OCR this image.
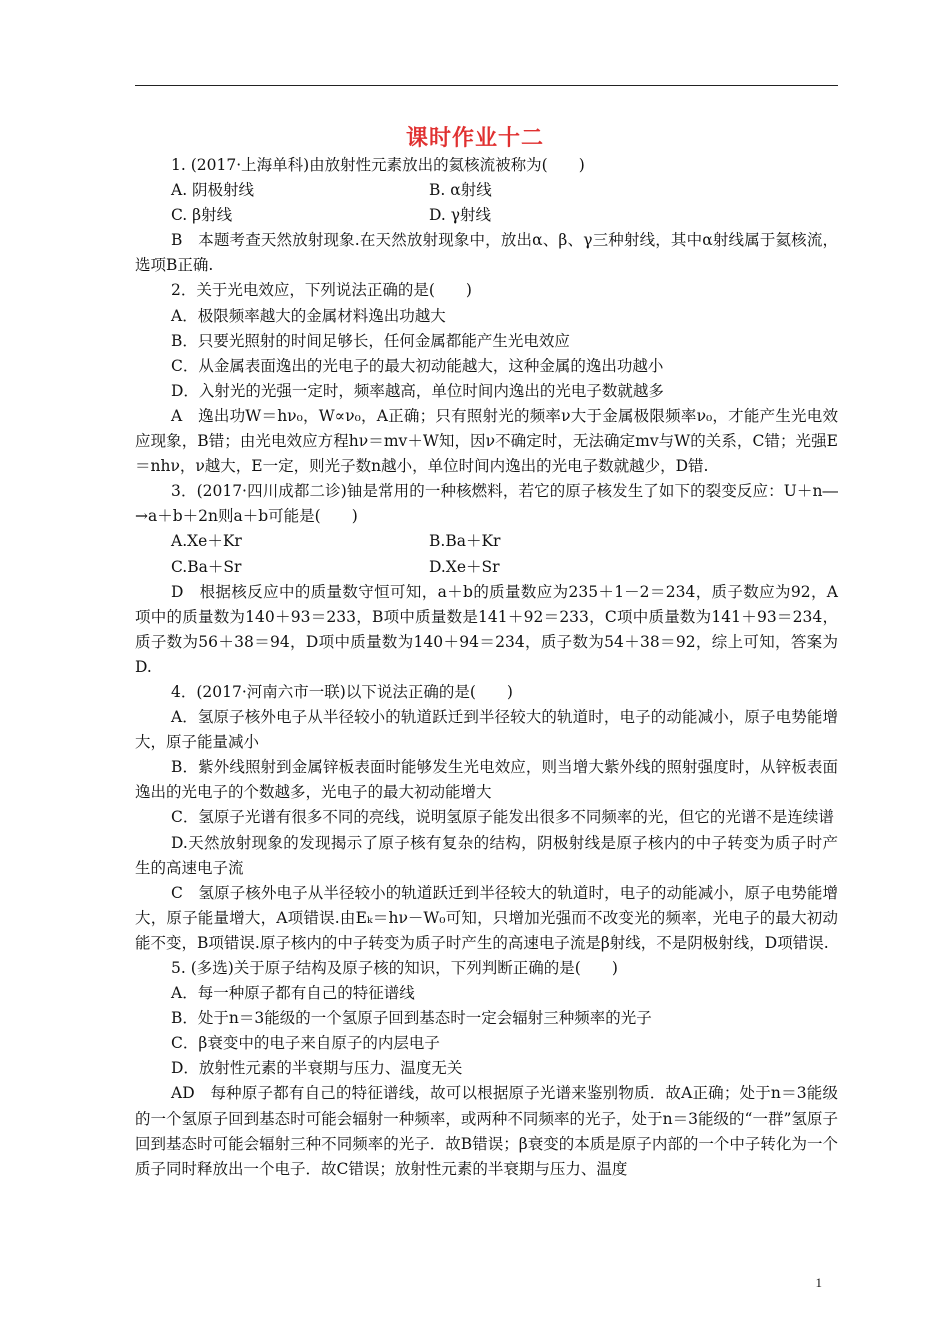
课时作业十二

1. (2017·上海单科)由放射性元素放出的氦核流被称为(　　)

A. 阴极射线	B. α射线
C. β射线	D. γ射线

B　本题考查天然放射现象.在天然放射现象中，放出α、β、γ三种射线，其中α射线属于氦核流，选项B正确.

2．关于光电效应，下列说法正确的是(　　)

A．极限频率越大的金属材料逸出功越大

B．只要光照射的时间足够长，任何金属都能产生光电效应

C．从金属表面逸出的光电子的最大初动能越大，这种金属的逸出功越小

D．入射光的光强一定时，频率越高，单位时间内逸出的光电子数就越多

A　逸出功W＝hν₀，W∝ν₀，A正确；只有照射光的频率ν大于金属极限频率ν₀，才能产生光电效应现象，B错；由光电效应方程hν＝mv＋W知，因ν不确定时，无法确定mv与W的关系，C错；光强E＝nhν，ν越大，E一定，则光子数n越小，单位时间内逸出的光电子数就越少，D错.

3．(2017·四川成都二诊)铀是常用的一种核燃料，若它的原子核发生了如下的裂变反应：U＋n―→a＋b＋2n则a＋b可能是(　　)

A.Xe＋Kr	B.Ba＋Kr
C.Ba＋Sr	D.Xe＋Sr

D　根据核反应中的质量数守恒可知，a＋b的质量数应为235＋1－2＝234，质子数应为92，A项中的质量数为140＋93＝233，B项中质量数是141＋92＝233，C项中质量数为141＋93＝234，质子数为56＋38＝94，D项中质量数为140＋94＝234，质子数为54＋38＝92，综上可知，答案为D.

4．(2017·河南六市一联)以下说法正确的是(　　)

A．氢原子核外电子从半径较小的轨道跃迁到半径较大的轨道时，电子的动能减小，原子电势能增大，原子能量减小

B．紫外线照射到金属锌板表面时能够发生光电效应，则当增大紫外线的照射强度时，从锌板表面逸出的光电子的个数越多，光电子的最大初动能增大

C．氢原子光谱有很多不同的亮线，说明氢原子能发出很多不同频率的光，但它的光谱不是连续谱

D.天然放射现象的发现揭示了原子核有复杂的结构，阴极射线是原子核内的中子转变为质子时产生的高速电子流

C　氢原子核外电子从半径较小的轨道跃迁到半径较大的轨道时，电子的动能减小，原子电势能增大，原子能量增大，A项错误.由Eₖ＝hν－W₀可知，只增加光强而不改变光的频率，光电子的最大初动能不变，B项错误.原子核内的中子转变为质子时产生的高速电子流是β射线，不是阴极射线，D项错误.

5. (多选)关于原子结构及原子核的知识，下列判断正确的是(　　)

A．每一种原子都有自己的特征谱线

B．处于n＝3能级的一个氢原子回到基态时一定会辐射三种频率的光子

C．β衰变中的电子来自原子的内层电子

D．放射性元素的半衰期与压力、温度无关

AD　每种原子都有自己的特征谱线，故可以根据原子光谱来鉴别物质．故A正确；处于n＝3能级的一个氢原子回到基态时可能会辐射一种频率，或两种不同频率的光子，处于n＝3能级的“一群”氢原子回到基态时可能会辐射三种不同频率的光子．故B错误；β衰变的本质是原子内部的一个中子转化为一个质子同时释放出一个电子．故C错误；放射性元素的半衰期与压力、温度

1
